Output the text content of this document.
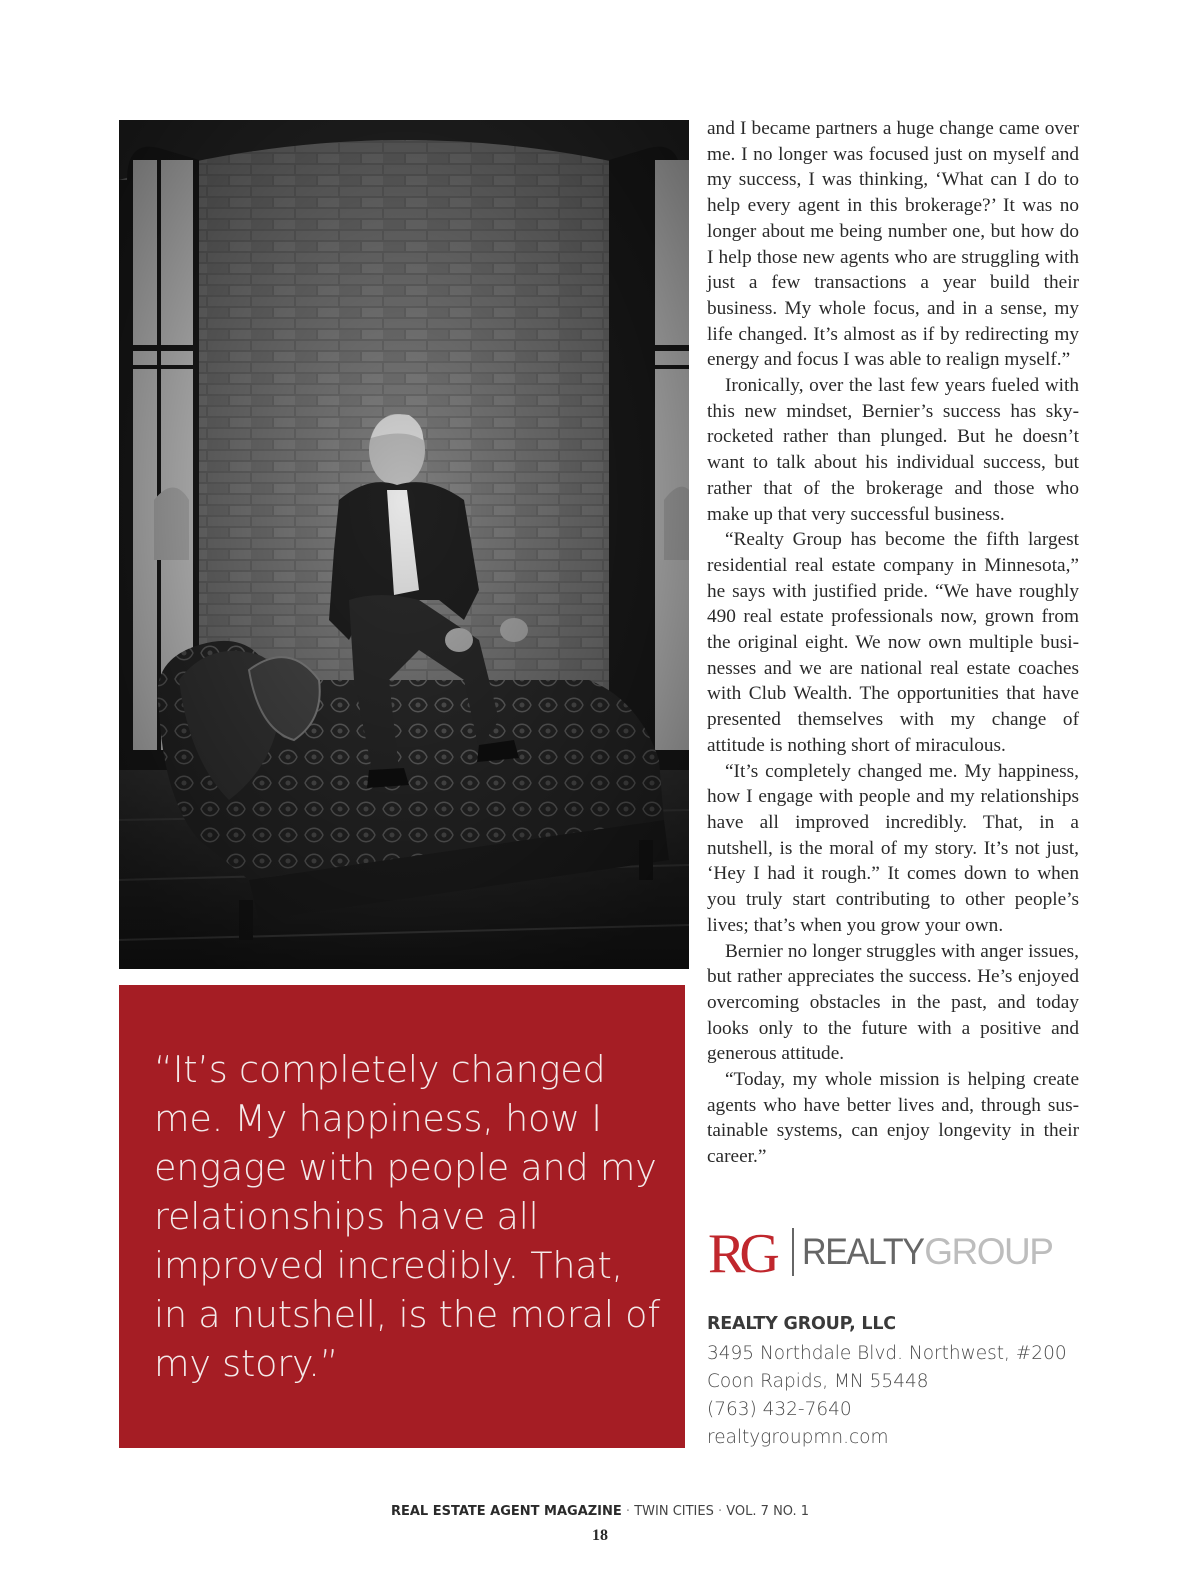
“It’s completely changed me. My happiness, how I engage with people and my relationships have all improved incredibly. That, in a nutshell, is the moral of my story.”

and I became partners a huge change came over me. I no longer was focused just on myself and my success, I was thinking, ‘What can I do to help every agent in this brokerage?’ It was no longer about me being number one, but how do I help those new agents who are struggling with just a few transactions a year build their business. My whole focus, and in a sense, my life changed. It’s almost as if by redirecting my energy and focus I was able to realign myself.”

Ironically, over the last few years fueled with this new mindset, Bernier’s success has skyrocketed rather than plunged. But he doesn’t want to talk about his individual success, but rather that of the brokerage and those who make up that very successful business.

“Realty Group has become the fifth largest residential real estate company in Minnesota,” he says with justified pride. “We have roughly 490 real estate professionals now, grown from the original eight. We now own multiple businesses and we are national real estate coaches with Club Wealth. The opportunities that have presented themselves with my change of attitude is nothing short of miraculous.

“It’s completely changed me. My happiness, how I engage with people and my relationships have all improved incredibly. That, in a nutshell, is the moral of my story. It’s not just, ‘Hey I had it rough.” It comes down to when you truly start contributing to other people’s lives; that’s when you grow your own.

Bernier no longer struggles with anger issues, but rather appreciates the success. He’s enjoyed overcoming obstacles in the past, and today looks only to the future with a positive and generous attitude.

“Today, my whole mission is helping create agents who have better lives and, through sustainable systems, can enjoy longevity in their career.”

RG REALTY GROUP
REALTY GROUP, LLC
3495 Northdale Blvd. Northwest, #200
Coon Rapids, MN 55448
(763) 432-7640
realtygroupmn.com
REAL ESTATE AGENT MAGAZINE · TWIN CITIES · VOL. 7 NO. 1
18
